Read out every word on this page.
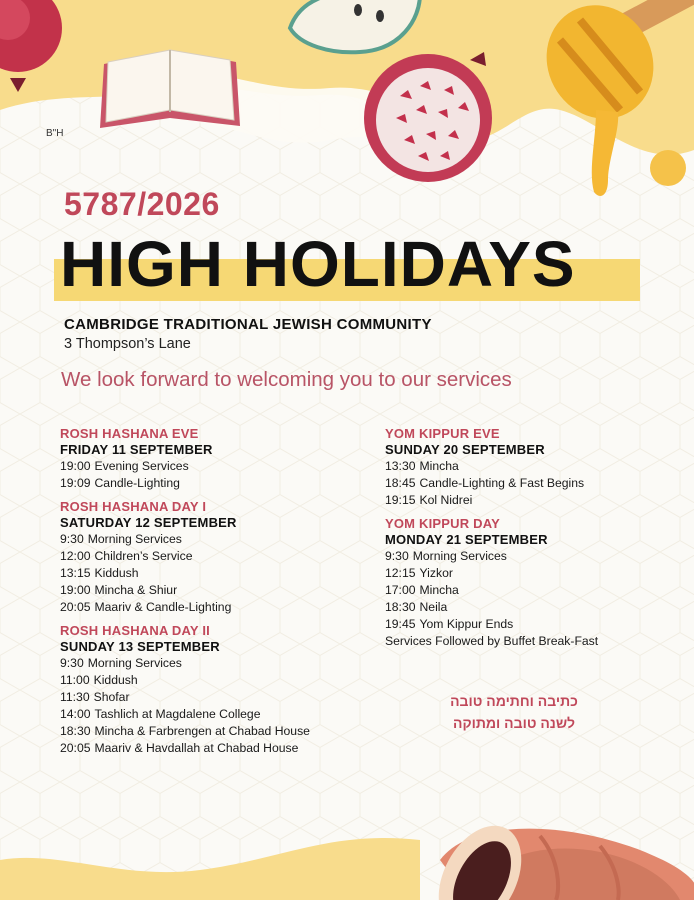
B"H
5787/2026
HIGH HOLIDAYS
CAMBRIDGE TRADITIONAL JEWISH COMMUNITY
3 Thompson’s Lane
We look forward to welcoming you to our services
ROSH HASHANA EVE
FRIDAY 11 SEPTEMBER
19:00 Evening Services
19:09 Candle-Lighting
ROSH HASHANA DAY I
SATURDAY 12 SEPTEMBER
9:30 Morning Services
12:00 Children’s Service
13:15 Kiddush
19:00 Mincha & Shiur
20:05 Maariv & Candle-Lighting
ROSH HASHANA DAY II
SUNDAY 13 SEPTEMBER
9:30 Morning Services
11:00 Kiddush
11:30 Shofar
14:00 Tashlich at Magdalene College
18:30 Mincha & Farbrengen at Chabad House
20:05 Maariv & Havdallah at Chabad House
YOM KIPPUR EVE
SUNDAY 20 SEPTEMBER
13:30 Mincha
18:45 Candle-Lighting & Fast Begins
19:15 Kol Nidrei
YOM KIPPUR DAY
MONDAY 21 SEPTEMBER
9:30 Morning Services
12:15 Yizkor
17:00 Mincha
18:30 Neila
19:45 Yom Kippur Ends
Services Followed by Buffet Break-Fast
כתיבה וחתימה טובה
לשנה טובה ומתוקה
